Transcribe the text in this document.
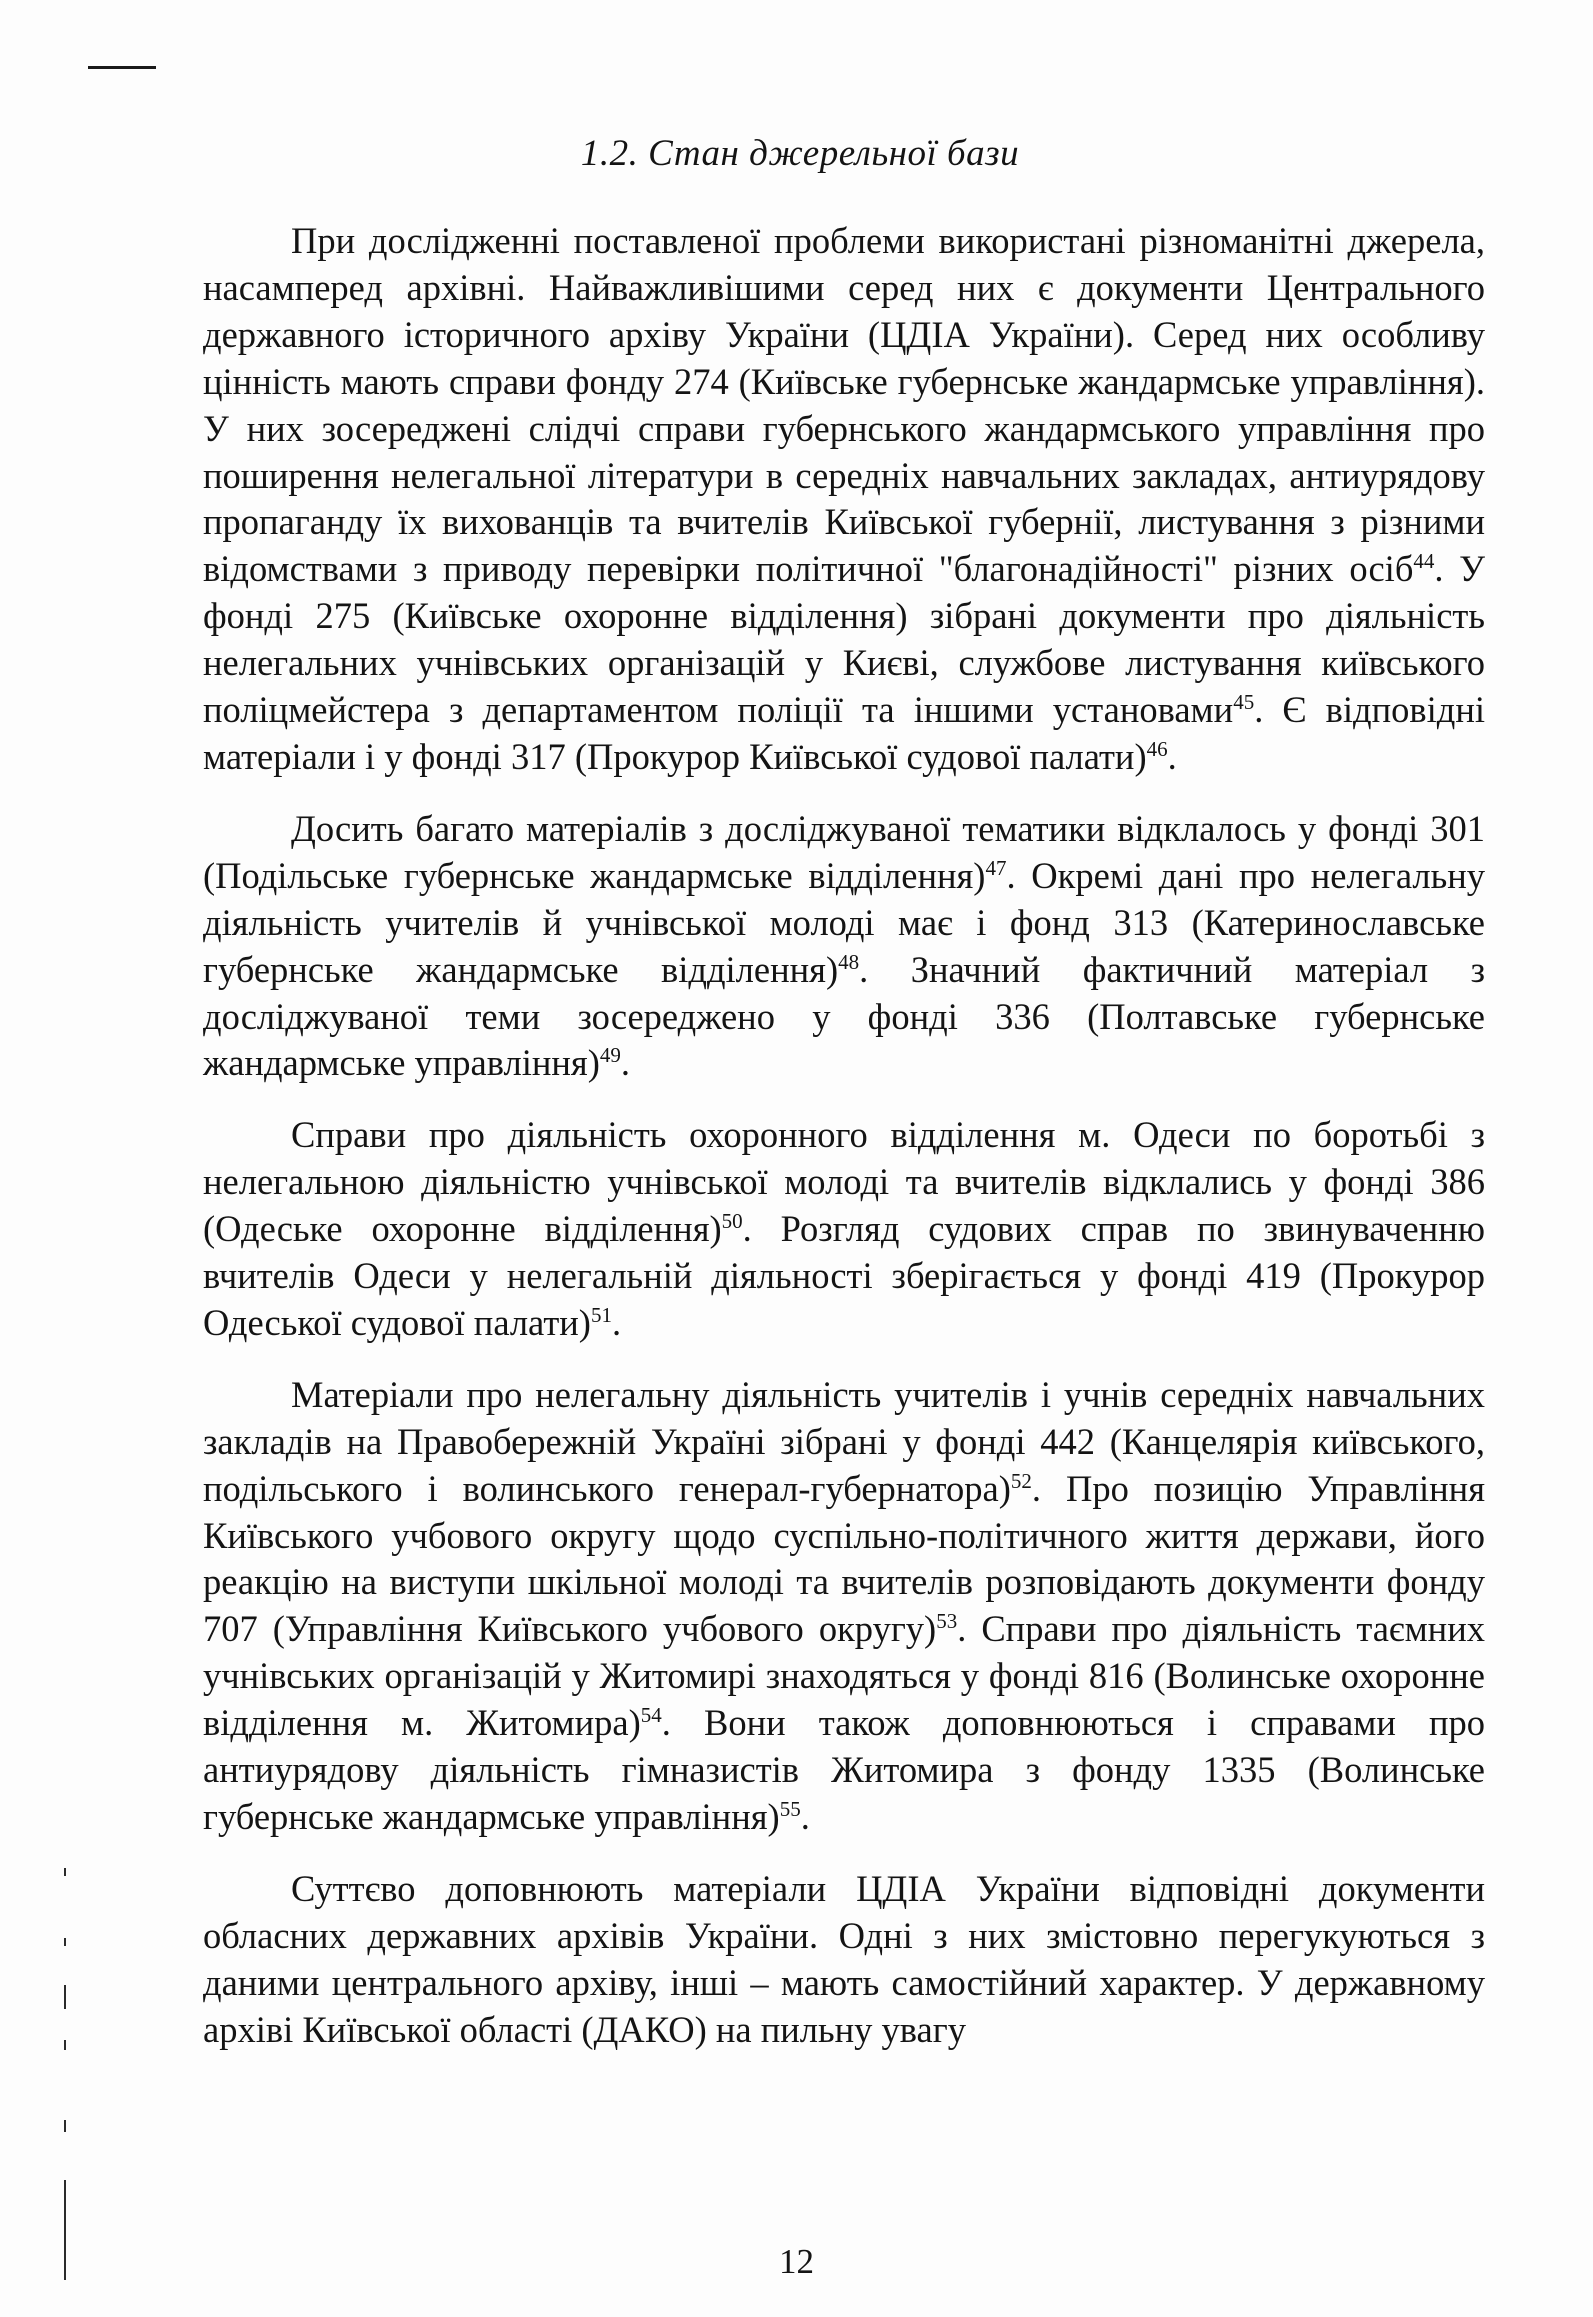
1.2. Стан джерельної бази

При дослідженні поставленої проблеми використані різноманітні джерела, насамперед архівні. Найважливішими серед них є документи Центрального державного історичного архіву України (ЦДІА України). Серед них особливу цінність мають справи фонду 274 (Київське губернське жандармське управління). У них зосереджені слідчі справи губернського жандармського управління про поширення нелегальної літератури в середніх навчальних закладах, антиурядову пропаганду їх вихованців та вчителів Київської губернії, листування з різними відомствами з приводу перевірки політичної "благонадійності" різних осіб$^{44}$. У фонді 275 (Київське охоронне відділення) зібрані документи про діяльність нелегальних учнівських організацій у Києві, службове листування київського поліцмейстера з департаментом поліції та іншими установами$^{45}$. Є відповідні матеріали і у фонді 317 (Прокурор Київської судової палати)$^{46}$.

Досить багато матеріалів з досліджуваної тематики відклалось у фонді 301 (Подільське губернське жандармське відділення)$^{47}$. Окремі дані про нелегальну діяльність учителів й учнівської молоді має і фонд 313 (Катеринославське губернське жандармське відділення)$^{48}$. Значний фактичний матеріал з досліджуваної теми зосереджено у фонді 336 (Полтавське губернське жандармське управління)$^{49}$.

Справи про діяльність охоронного відділення м. Одеси по боротьбі з нелегальною діяльністю учнівської молоді та вчителів відклались у фонді 386 (Одеське охоронне відділення)$^{50}$. Розгляд судових справ по звинуваченню вчителів Одеси у нелегальній діяльності зберігається у фонді 419 (Прокурор Одеської судової палати)$^{51}$.

Матеріали про нелегальну діяльність учителів і учнів середніх навчальних закладів на Правобережній Україні зібрані у фонді 442 (Канцелярія київського, подільського і волинського генерал-губернатора)$^{52}$. Про позицію Управління Київського учбового округу щодо суспільно-політичного життя держави, його реакцію на виступи шкільної молоді та вчителів розповідають документи фонду 707 (Управління Київського учбового округу)$^{53}$. Справи про діяльність таємних учнівських організацій у Житомирі знаходяться у фонді 816 (Волинське охоронне відділення м. Житомира)$^{54}$. Вони також доповнюються і справами про антиурядову діяльність гімназистів Житомира з фонду 1335 (Волинське губернське жандармське управління)$^{55}$.

Суттєво доповнюють матеріали ЦДІА України відповідні документи обласних державних архівів України. Одні з них змістовно перегукуються з даними центрального архіву, інші – мають самостійний характер. У державному архіві Київської області (ДАКО) на пильну увагу

12
